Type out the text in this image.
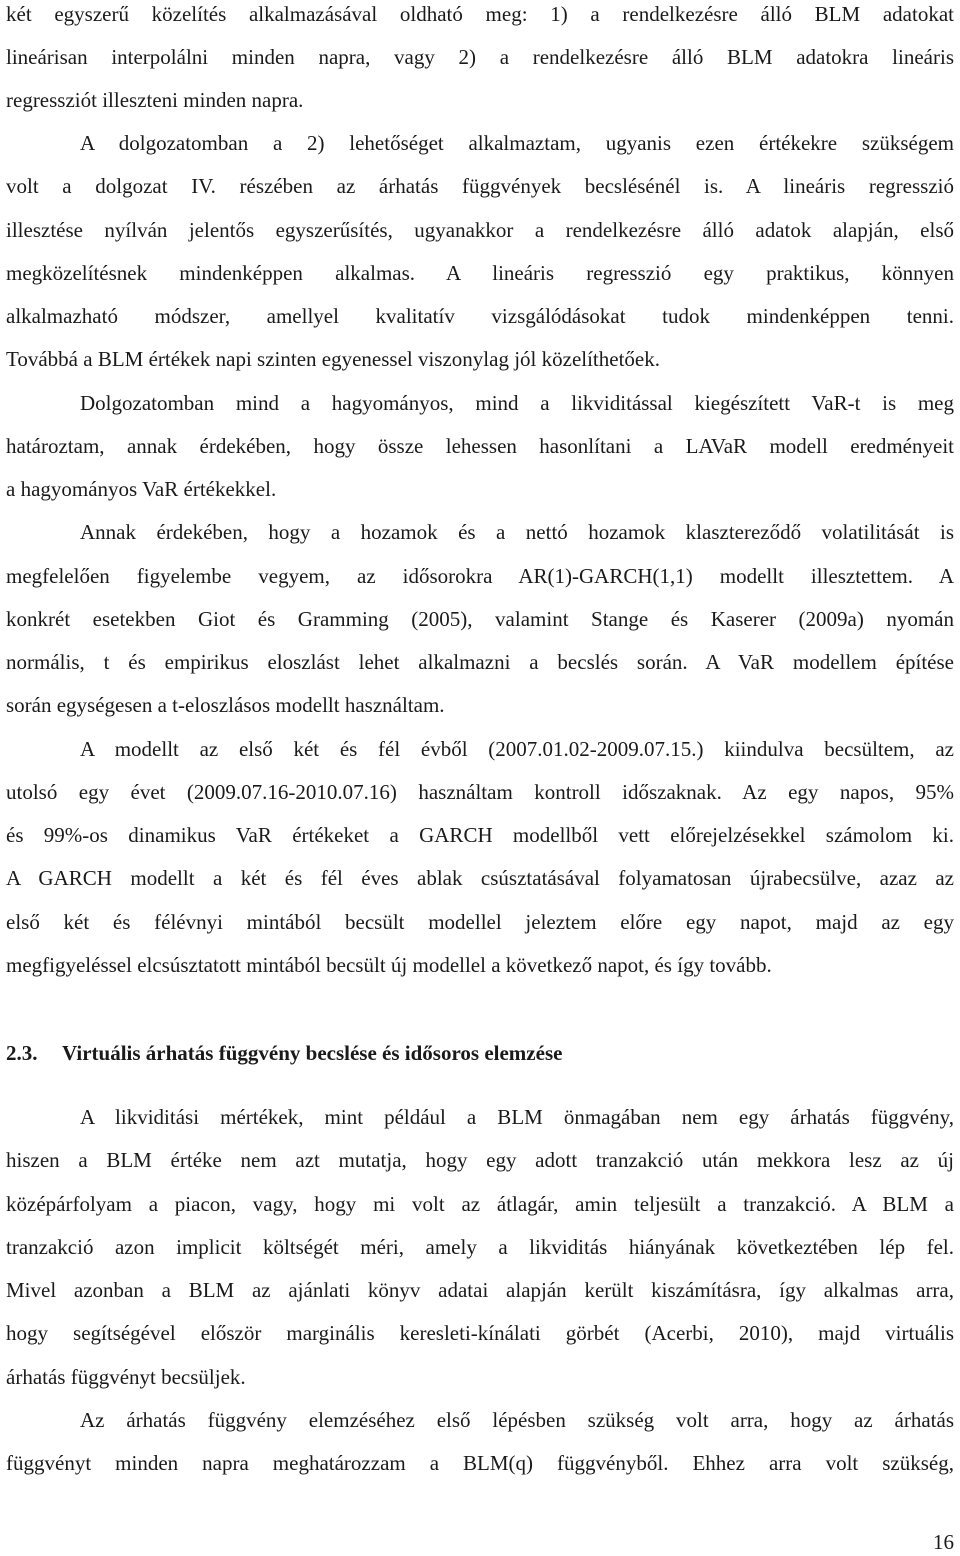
két egyszerű közelítés alkalmazásával oldható meg: 1) a rendelkezésre álló BLM adatokat
lineárisan interpolálni minden napra, vagy 2) a rendelkezésre álló BLM adatokra lineáris
regressziót illeszteni minden napra.
A dolgozatomban a 2) lehetőséget alkalmaztam, ugyanis ezen értékekre szükségem
volt a dolgozat IV. részében az árhatás függvények becslésénél is. A lineáris regresszió
illesztése nyílván jelentős egyszerűsítés, ugyanakkor a rendelkezésre álló adatok alapján, első
megközelítésnek mindenképpen alkalmas. A lineáris regresszió egy praktikus, könnyen
alkalmazható módszer, amellyel kvalitatív vizsgálódásokat tudok mindenképpen tenni.
Továbbá a BLM értékek napi szinten egyenessel viszonylag jól közelíthetőek.
Dolgozatomban mind a hagyományos, mind a likviditással kiegészített VaR-t is meg
határoztam, annak érdekében, hogy össze lehessen hasonlítani a LAVaR modell eredményeit
a hagyományos VaR értékekkel.
Annak érdekében, hogy a hozamok és a nettó hozamok klasztereződő volatilitását is
megfelelően figyelembe vegyem, az idősorokra AR(1)-GARCH(1,1) modellt illesztettem. A
konkrét esetekben Giot és Gramming (2005), valamint Stange és Kaserer (2009a) nyomán
normális, t és empirikus eloszlást lehet alkalmazni a becslés során. A VaR modellem építése
során egységesen a t-eloszlásos modellt használtam.
A modellt az első két és fél évből (2007.01.02-2009.07.15.) kiindulva becsültem, az
utolsó egy évet (2009.07.16-2010.07.16) használtam kontroll időszaknak. Az egy napos, 95%
és 99%-os dinamikus VaR értékeket a GARCH modellből vett előrejelzésekkel számolom ki.
A GARCH modellt a két és fél éves ablak csúsztatásával folyamatosan újrabecsülve, azaz az
első két és félévnyi mintából becsült modellel jeleztem előre egy napot, majd az egy
megfigyeléssel elcsúsztatott mintából becsült új modellel a következő napot, és így tovább.
2.3. Virtuális árhatás függvény becslése és idősoros elemzése
A likviditási mértékek, mint például a BLM önmagában nem egy árhatás függvény,
hiszen a BLM értéke nem azt mutatja, hogy egy adott tranzakció után mekkora lesz az új
középárfolyam a piacon, vagy, hogy mi volt az átlagár, amin teljesült a tranzakció. A BLM a
tranzakció azon implicit költségét méri, amely a likviditás hiányának következtében lép fel.
Mivel azonban a BLM az ajánlati könyv adatai alapján került kiszámításra, így alkalmas arra,
hogy segítségével először marginális keresleti-kínálati görbét (Acerbi, 2010), majd virtuális
árhatás függvényt becsüljek.
Az árhatás függvény elemzéséhez első lépésben szükség volt arra, hogy az árhatás
függvényt minden napra meghatározzam a BLM(q) függvényből. Ehhez arra volt szükség,
16
